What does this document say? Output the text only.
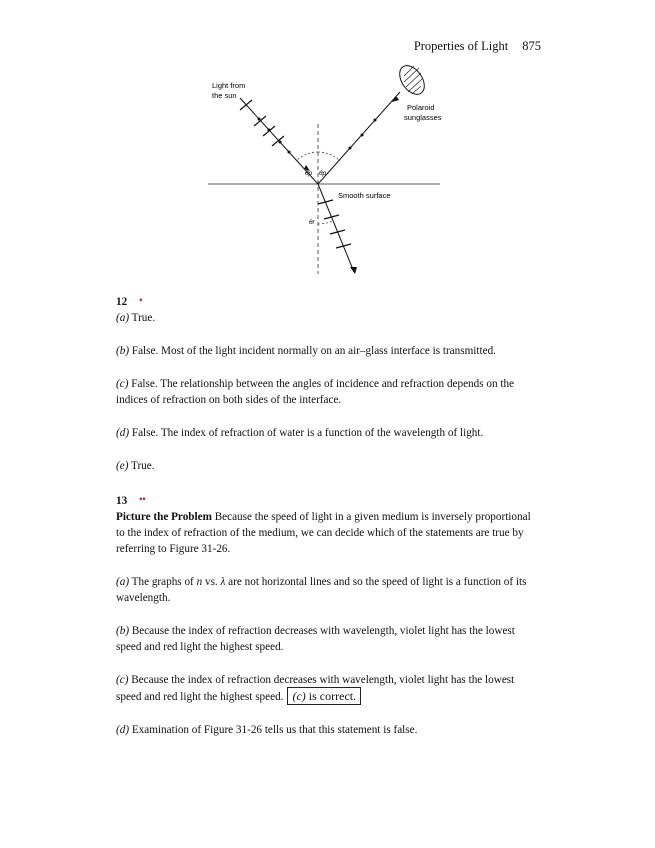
Properties of Light 875
Light from
the sun
Polaroid
sunglasses
Smooth surface
θp θp
θr

12 •

(a) True.

(b) False. Most of the light incident normally on an air–glass interface is transmitted.

(c) False. The relationship between the angles of incidence and refraction depends on the indices of refraction on both sides of the interface.

(d) False. The index of refraction of water is a function of the wavelength of light.

(e) True.

13 ••

Picture the Problem Because the speed of light in a given medium is inversely proportional to the index of refraction of the medium, we can decide which of the statements are true by referring to Figure 31-26.

(a) The graphs of n vs. λ are not horizontal lines and so the speed of light is a function of its wavelength.

(b) Because the index of refraction decreases with wavelength, violet light has the lowest speed and red light the highest speed.

(c) Because the index of refraction decreases with wavelength, violet light has the lowest speed and red light the highest speed. (c) is correct.

(d) Examination of Figure 31-26 tells us that this statement is false.
